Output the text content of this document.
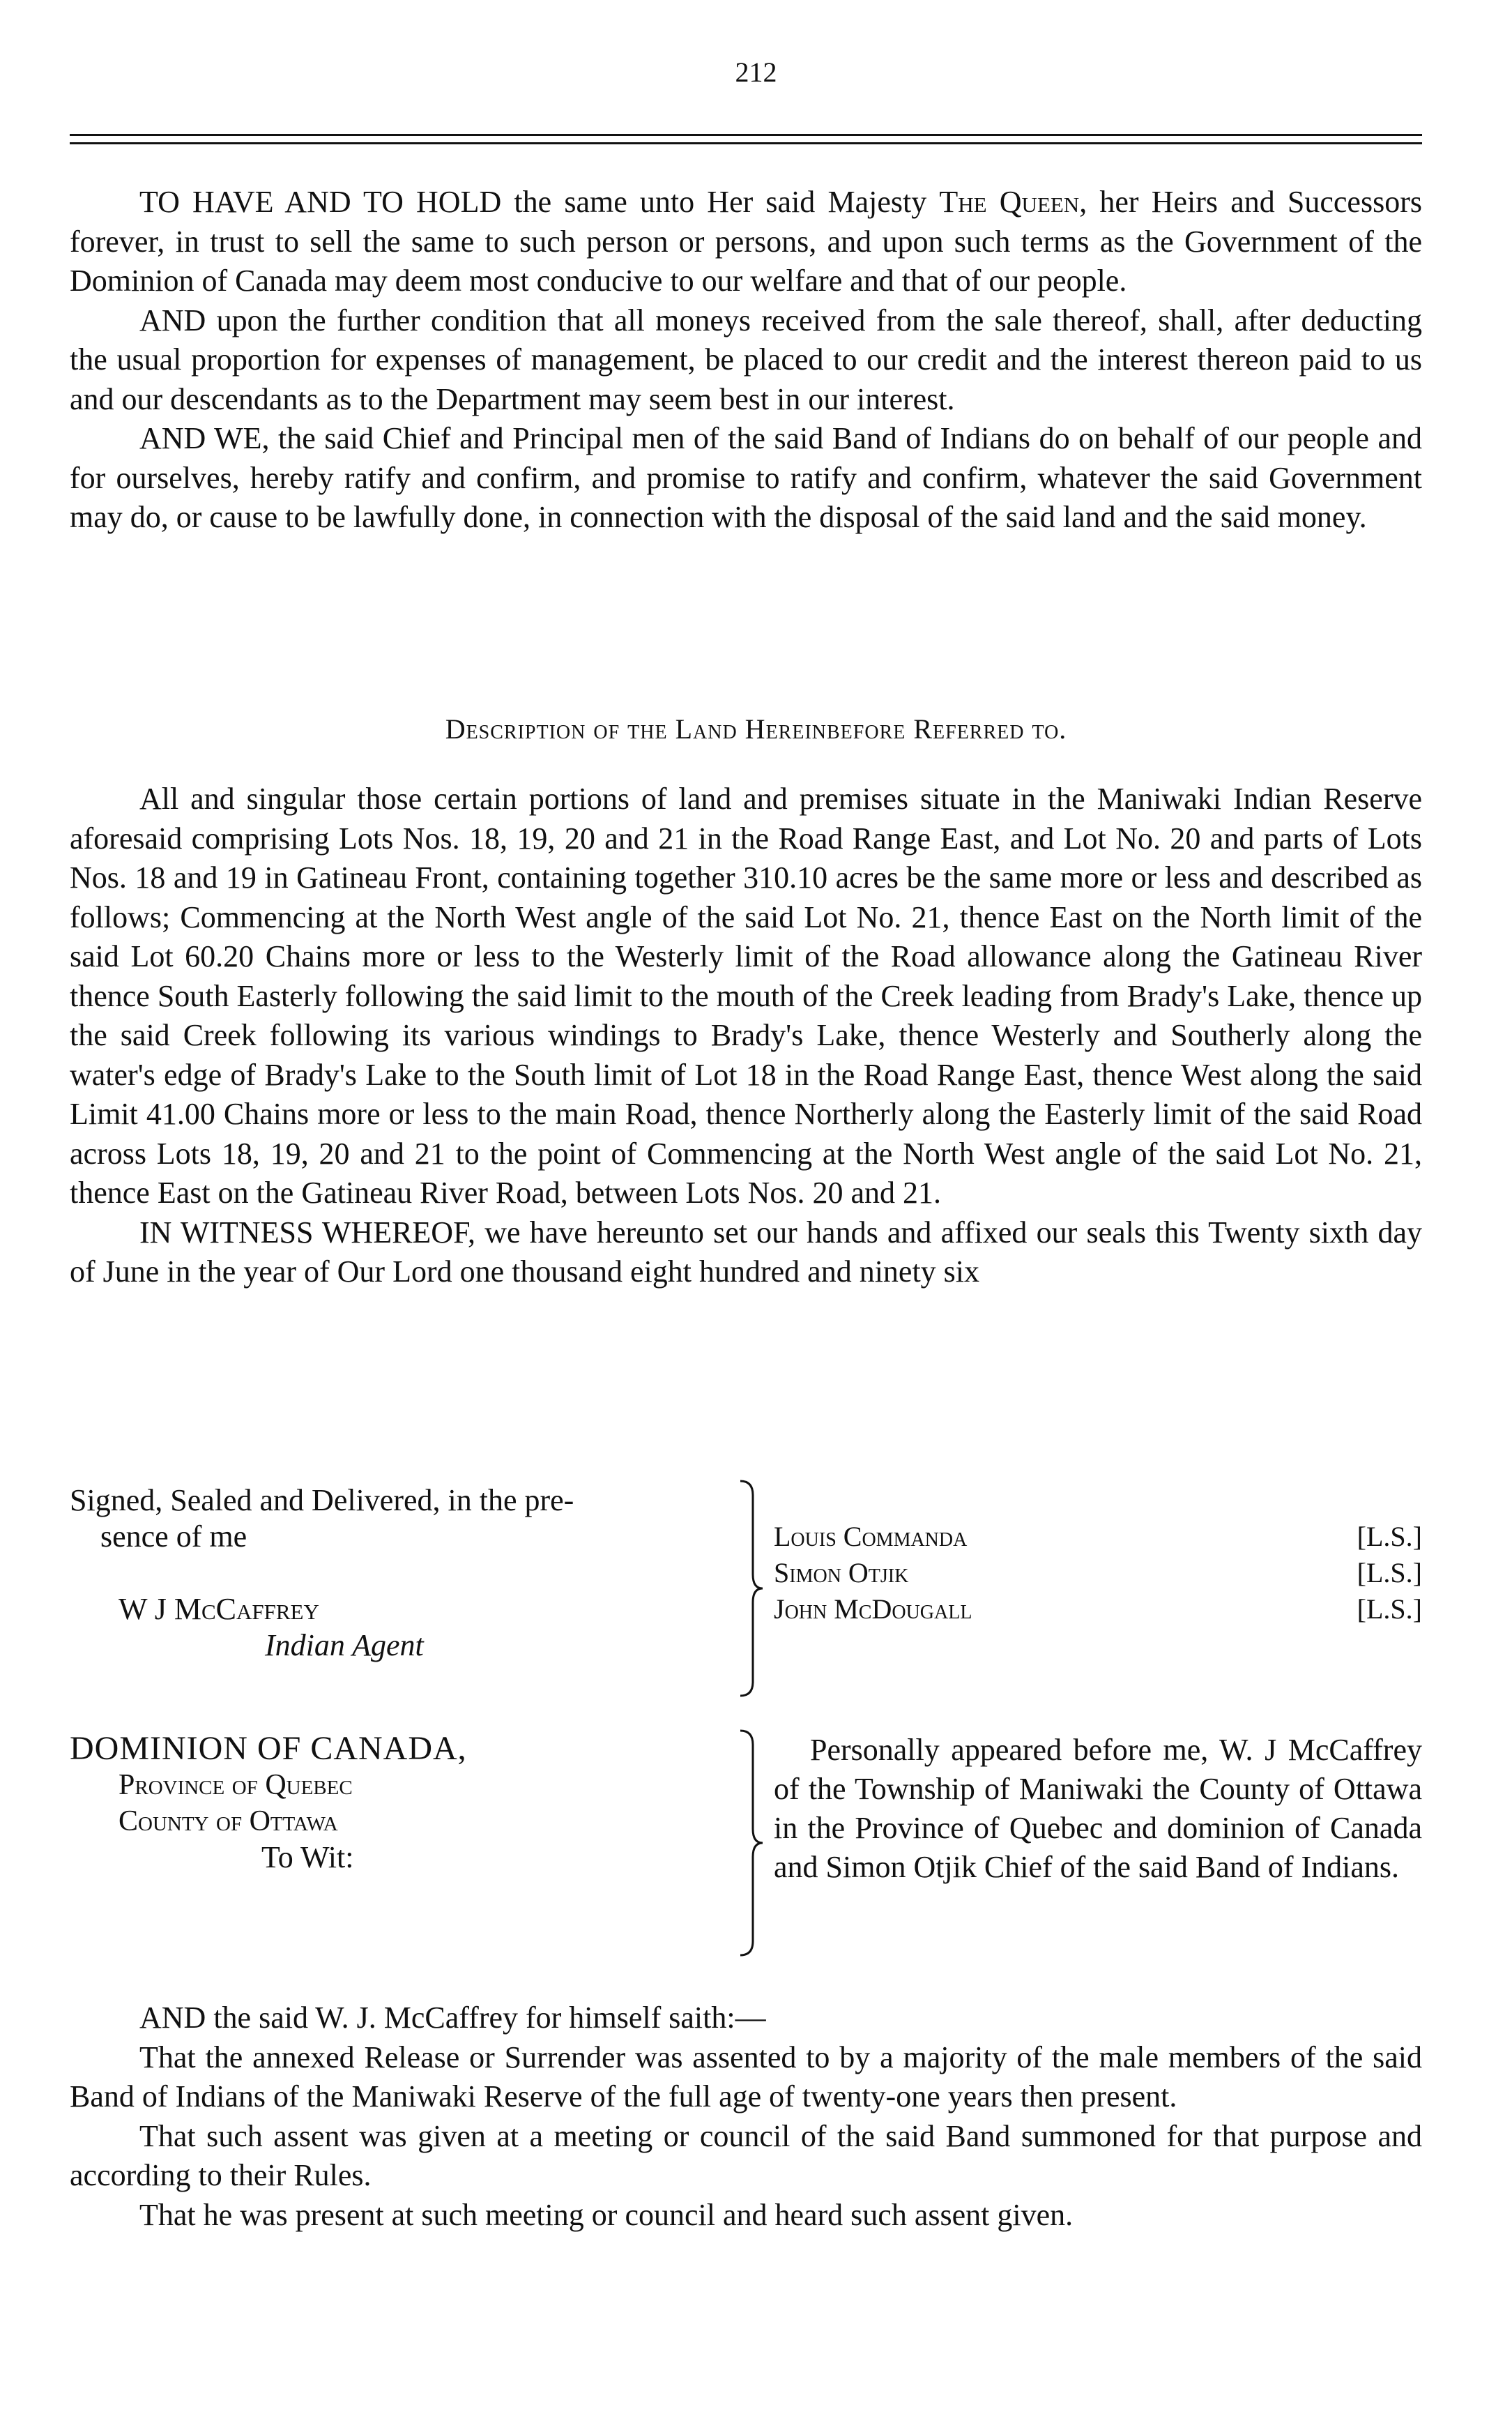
212

TO HAVE AND TO HOLD the same unto Her said Majesty The Queen, her Heirs and Successors forever, in trust to sell the same to such person or persons, and upon such terms as the Government of the Dominion of Canada may deem most conducive to our welfare and that of our people.

AND upon the further condition that all moneys received from the sale thereof, shall, after deducting the usual proportion for expenses of management, be placed to our credit and the interest thereon paid to us and our descendants as to the Department may seem best in our interest.

AND WE, the said Chief and Principal men of the said Band of Indians do on behalf of our people and for ourselves, hereby ratify and confirm, and promise to ratify and confirm, whatever the said Government may do, or cause to be lawfully done, in connection with the disposal of the said land and the said money.

Description of the Land Hereinbefore Referred to.

All and singular those certain portions of land and premises situate in the Maniwaki Indian Reserve aforesaid comprising Lots Nos. 18, 19, 20 and 21 in the Road Range East, and Lot No. 20 and parts of Lots Nos. 18 and 19 in Gatineau Front, containing together 310.10 acres be the same more or less and described as follows; Commencing at the North West angle of the said Lot No. 21, thence East on the North limit of the said Lot 60.20 Chains more or less to the Westerly limit of the Road allowance along the Gatineau River thence South Easterly following the said limit to the mouth of the Creek leading from Brady's Lake, thence up the said Creek following its various windings to Brady's Lake, thence Westerly and Southerly along the water's edge of Brady's Lake to the South limit of Lot 18 in the Road Range East, thence West along the said Limit 41.00 Chains more or less to the main Road, thence Northerly along the Easterly limit of the said Road across Lots 18, 19, 20 and 21 to the point of Commencing at the North West angle of the said Lot No. 21, thence East on the Gatineau River Road, between Lots Nos. 20 and 21.

IN WITNESS WHEREOF, we have hereunto set our hands and affixed our seals this Twenty sixth day of June in the year of Our Lord one thousand eight hundred and ninety six

Signed, Sealed and Delivered, in the pre-
sence of me
W J McCaffrey
Indian Agent
Louis Commanda	[L.S.]
Simon Otjik	[L.S.]
John McDougall	[L.S.]
DOMINION OF CANADA,
Province of Quebec
County of Ottawa
To Wit:

Personally appeared before me, W. J McCaffrey of the Township of Maniwaki the County of Ottawa in the Province of Quebec and dominion of Canada and Simon Otjik Chief of the said Band of Indians.

AND the said W. J. McCaffrey for himself saith:—

That the annexed Release or Surrender was assented to by a majority of the male members of the said Band of Indians of the Maniwaki Reserve of the full age of twenty-one years then present.

That such assent was given at a meeting or council of the said Band summoned for that purpose and according to their Rules.

That he was present at such meeting or council and heard such assent given.
